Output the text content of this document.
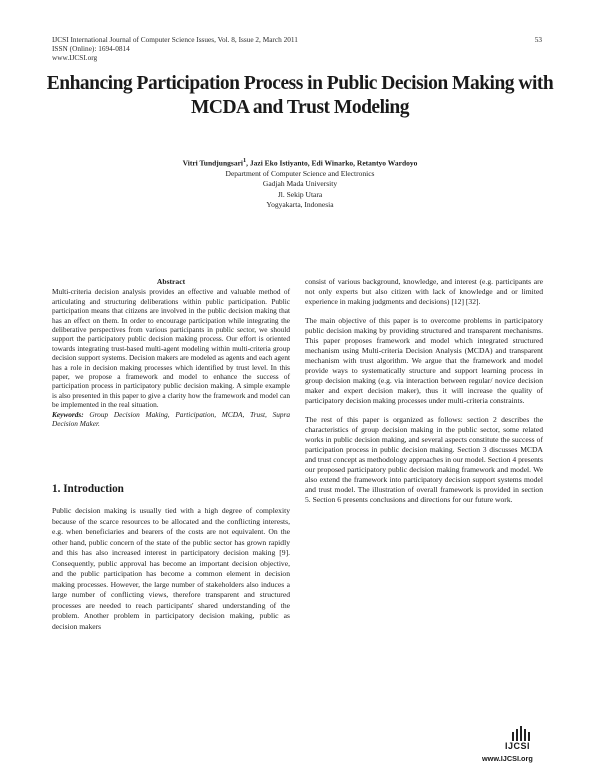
IJCSI International Journal of Computer Science Issues, Vol. 8, Issue 2, March 2011
ISSN (Online): 1694-0814
www.IJCSI.org
53
Enhancing Participation Process in Public Decision Making with
MCDA and Trust Modeling
Vitri Tundjungsari$^1$, Jazi Eko Istiyanto, Edi Winarko, Retantyo Wardoyo
Department of Computer Science and Electronics
Gadjah Mada University
Jl. Sekip Utara
Yogyakarta, Indonesia
Abstract

Multi-criteria decision analysis provides an effective and valuable method of articulating and structuring deliberations within public participation. Public participation means that citizens are involved in the public decision making that has an effect on them. In order to encourage participation while integrating the deliberative perspectives from various participants in public sector, we should support the participatory public decision making process. Our effort is oriented towards integrating trust-based multi-agent modeling within multi-criteria group decision support systems. Decision makers are modeled as agents and each agent has a role in decision making processes which identified by trust level. In this paper, we propose a framework and model to enhance the success of participation process in participatory public decision making. A simple example is also presented in this paper to give a clarity how the framework and model can be implemented in the real situation.

Keywords: Group Decision Making, Participation, MCDA, Trust, Supra Decision Maker.

1. Introduction

Public decision making is usually tied with a high degree of complexity because of the scarce resources to be allocated and the conflicting interests, e.g. when beneficiaries and bearers of the costs are not equivalent. On the other hand, public concern of the state of the public sector has grown rapidly and this has also increased interest in participatory decision making [9]. Consequently, public approval has become an important decision objective, and the public participation has become a common element in decision making processes. However, the large number of stakeholders also induces a large number of conflicting views, therefore transparent and structured processes are needed to reach participants' shared understanding of the problem. Another problem in participatory decision making, public as decision makers

consist of various background, knowledge, and interest (e.g. participants are not only experts but also citizen with lack of knowledge and or limited experience in making judgments and decisions) [12] [32].

The main objective of this paper is to overcome problems in participatory public decision making by providing structured and transparent mechanisms. This paper proposes framework and model which integrated structured mechanism using Multi-criteria Decision Analysis (MCDA) and transparent mechanism with trust algorithm. We argue that the framework and model provide ways to systematically structure and support learning process in group decision making (e.g. via interaction between regular/ novice decision maker and expert decision maker), thus it will increase the quality of participatory decision making processes under multi-criteria constraints.

The rest of this paper is organized as follows: section 2 describes the characteristics of group decision making in the public sector, some related works in public decision making, and several aspects constitute the success of participation process in public decision making. Section 3 discusses MCDA and trust concept as methodology approaches in our model. Section 4 presents our proposed participatory public decision making framework and model. We also extend the framework into participatory decision support systems model and trust model. The illustration of overall framework is provided in section 5. Section 6 presents conclusions and directions for our future work.

IJCSI
www.IJCSI.org
